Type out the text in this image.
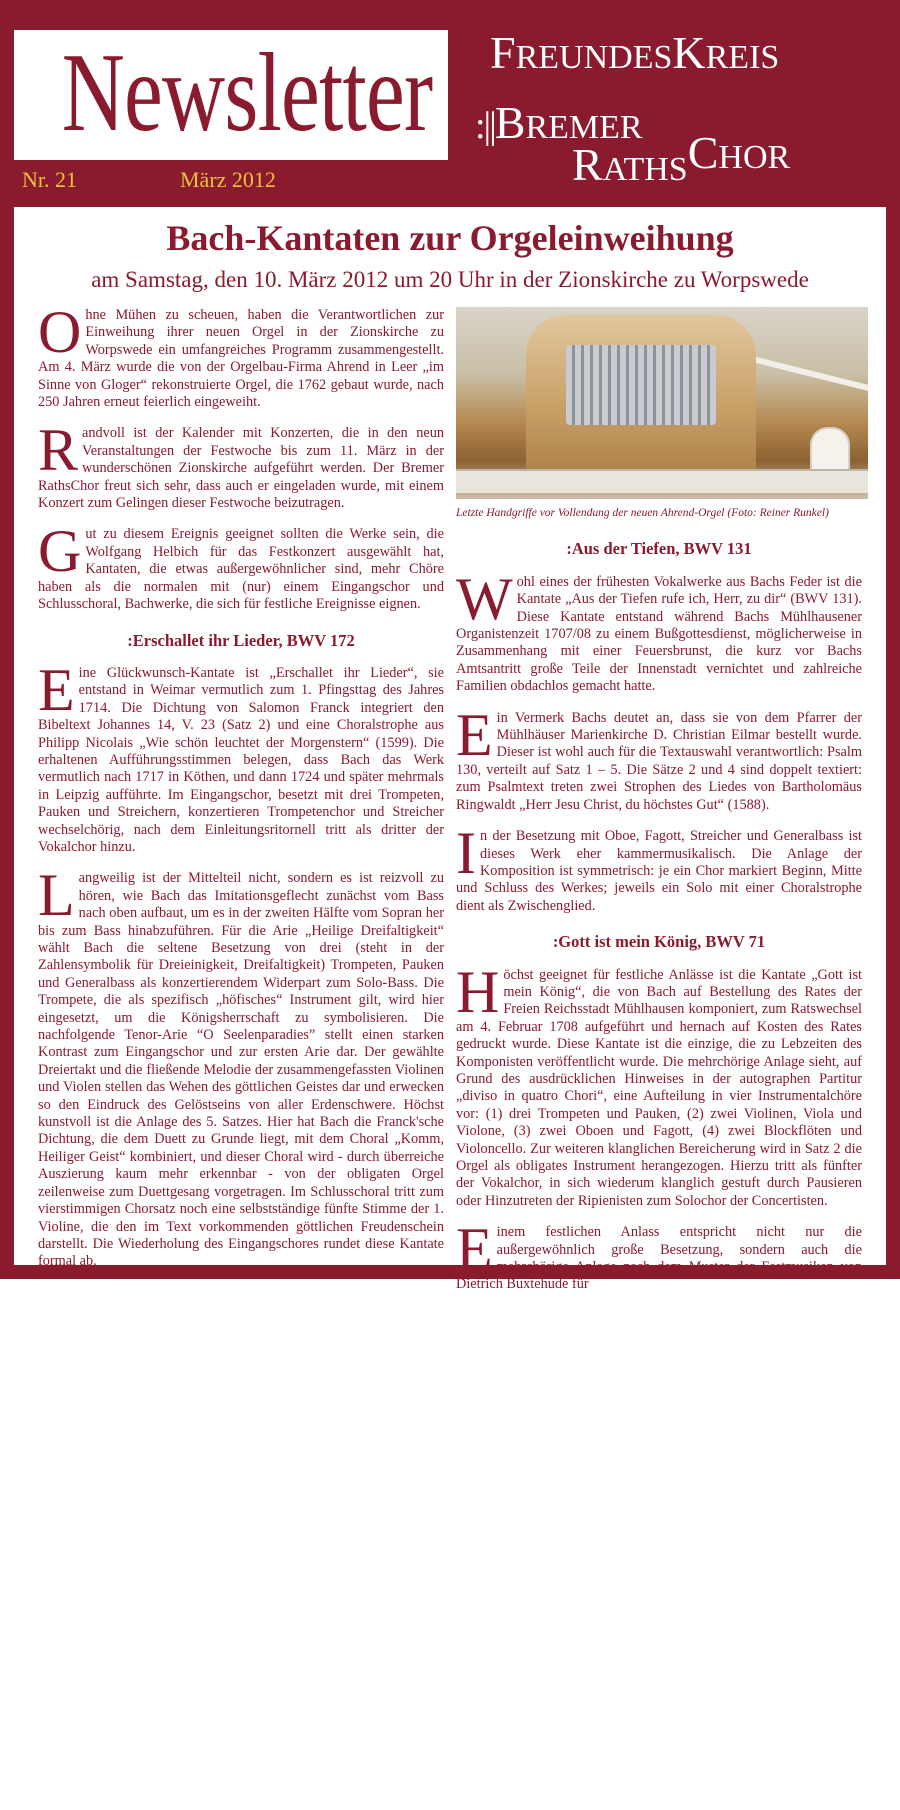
Newsletter
Nr. 21	März 2012
FREUNDESKREIS
:||BREMER
RATHSCHOR
Bach-Kantaten zur Orgeleinweihung
am Samstag, den 10. März 2012 um 20 Uhr in der Zionskirche zu Worpswede

Ohne Mühen zu scheuen, haben die Verantwortlichen zur Einweihung ihrer neuen Orgel in der Zionskirche zu Worpswede ein umfangreiches Programm zusammengestellt. Am 4. März wurde die von der Orgelbau-Firma Ahrend in Leer „im Sinne von Gloger“ rekonstruierte Orgel, die 1762 gebaut wurde, nach 250 Jahren erneut feierlich eingeweiht.

Randvoll ist der Kalender mit Konzerten, die in den neun Veranstaltungen der Festwoche bis zum 11. März in der wunderschönen Zionskirche aufgeführt werden. Der Bremer RathsChor freut sich sehr, dass auch er eingeladen wurde, mit einem Konzert zum Gelingen dieser Festwoche beizutragen.

Gut zu diesem Ereignis geeignet sollten die Werke sein, die Wolfgang Helbich für das Festkonzert ausgewählt hat, Kantaten, die etwas außergewöhnlicher sind, mehr Chöre haben als die normalen mit (nur) einem Eingangschor und Schlusschoral, Bachwerke, die sich für festliche Ereignisse eignen.

:Erschallet ihr Lieder, BWV 172

Eine Glückwunsch-Kantate ist „Erschallet ihr Lieder“, sie entstand in Weimar vermutlich zum 1. Pfingsttag des Jahres 1714. Die Dichtung von Salomon Franck integriert den Bibeltext Johannes 14, V. 23 (Satz 2) und eine Choralstrophe aus Philipp Nicolais „Wie schön leuchtet der Morgenstern“ (1599). Die erhaltenen Aufführungsstimmen belegen, dass Bach das Werk vermutlich nach 1717 in Köthen, und dann 1724 und später mehrmals in Leipzig aufführte. Im Eingangschor, besetzt mit drei Trompeten, Pauken und Streichern, konzertieren Trompetenchor und Streicher wechselchörig, nach dem Einleitungsritornell tritt als dritter der Vokalchor hinzu.

Langweilig ist der Mittelteil nicht, sondern es ist reizvoll zu hören, wie Bach das Imitationsgeflecht zunächst vom Bass nach oben aufbaut, um es in der zweiten Hälfte vom Sopran her bis zum Bass hinabzuführen. Für die Arie „Heilige Dreifaltigkeit“ wählt Bach die seltene Besetzung von drei (steht in der Zahlensymbolik für Dreieinigkeit, Dreifaltigkeit) Trompeten, Pauken und Generalbass als konzertierendem Widerpart zum Solo-Bass. Die Trompete, die als spezifisch „höfisches“ Instrument gilt, wird hier eingesetzt, um die Königsherrschaft zu symbolisieren. Die nachfolgende Tenor-Arie “O Seelenparadies” stellt einen starken Kontrast zum Eingangschor und zur ersten Arie dar. Der gewählte Dreiertakt und die fließende Melodie der zusammengefassten Violinen und Violen stellen das Wehen des göttlichen Geistes dar und erwecken so den Eindruck des Gelöstseins von aller Erdenschwere. Höchst kunstvoll ist die Anlage des 5. Satzes. Hier hat Bach die Franck'sche Dichtung, die dem Duett zu Grunde liegt, mit dem Choral „Komm, Heiliger Geist“ kombiniert, und dieser Choral wird - durch überreiche Auszierung kaum mehr erkennbar - von der obligaten Orgel zeilenweise zum Duettgesang vorgetragen. Im Schlusschoral tritt zum vierstimmigen Chorsatz noch eine selbstständige fünfte Stimme der 1. Violine, die den im Text vorkommenden göttlichen Freudenschein darstellt. Die Wiederholung des Eingangschores rundet diese Kantate formal ab.

Letzte Handgriffe vor Vollendung der neuen Ahrend-Orgel (Foto: Reiner Runkel)
:Aus der Tiefen, BWV 131

Wohl eines der frühesten Vokalwerke aus Bachs Feder ist die Kantate „Aus der Tiefen rufe ich, Herr, zu dir“ (BWV 131). Diese Kantate entstand während Bachs Mühlhausener Organistenzeit 1707/08 zu einem Bußgottesdienst, möglicherweise in Zusammenhang mit einer Feuersbrunst, die kurz vor Bachs Amtsantritt große Teile der Innenstadt vernichtet und zahlreiche Familien obdachlos gemacht hatte.

Ein Vermerk Bachs deutet an, dass sie von dem Pfarrer der Mühlhäuser Marienkirche D. Christian Eilmar bestellt wurde. Dieser ist wohl auch für die Textauswahl verantwortlich: Psalm 130, verteilt auf Satz 1 – 5. Die Sätze 2 und 4 sind doppelt textiert: zum Psalmtext treten zwei Strophen des Liedes von Bartholomäus Ringwaldt „Herr Jesu Christ, du höchstes Gut“ (1588).

In der Besetzung mit Oboe, Fagott, Streicher und Generalbass ist dieses Werk eher kammermusikalisch. Die Anlage der Komposition ist symmetrisch: je ein Chor markiert Beginn, Mitte und Schluss des Werkes; jeweils ein Solo mit einer Choralstrophe dient als Zwischenglied.

:Gott ist mein König, BWV 71

Höchst geeignet für festliche Anlässe ist die Kantate „Gott ist mein König“, die von Bach auf Bestellung des Rates der Freien Reichsstadt Mühlhausen komponiert, zum Ratswechsel am 4. Februar 1708 aufgeführt und hernach auf Kosten des Rates gedruckt wurde. Diese Kantate ist die einzige, die zu Lebzeiten des Komponisten veröffentlicht wurde. Die mehrchörige Anlage sieht, auf Grund des ausdrücklichen Hinweises in der autographen Partitur „diviso in quatro Chori“, eine Aufteilung in vier Instrumentalchöre vor: (1) drei Trompeten und Pauken, (2) zwei Violinen, Viola und Violone, (3) zwei Oboen und Fagott, (4) zwei Blockflöten und Violoncello. Zur weiteren klanglichen Bereicherung wird in Satz 2 die Orgel als obligates Instrument herangezogen. Hierzu tritt als fünfter der Vokalchor, in sich wiederum klanglich gestuft durch Pausieren oder Hinzutreten der Ripienisten zum Solochor der Concertisten.

Einem festlichen Anlass entspricht nicht nur die außergewöhnlich große Besetzung, sondern auch die mehrchörige Anlage nach dem Muster der Festmusiken von Dietrich Buxtehude für
